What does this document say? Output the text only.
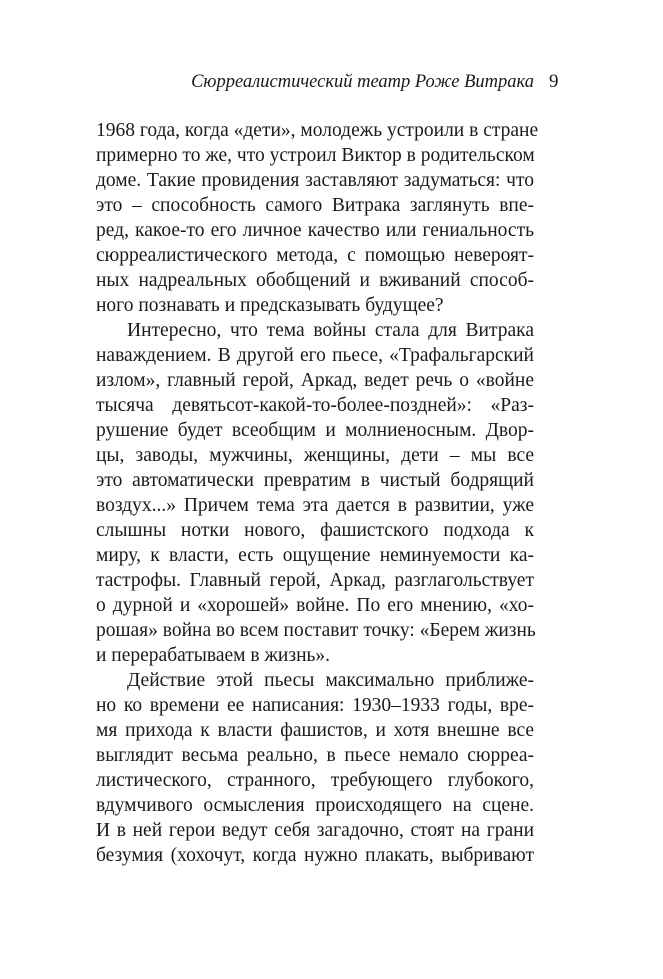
Сюрреалистический театр Роже Витрака 9
1968 года, когда «дети», молодежь устроили в стране
примерно то же, что устроил Виктор в родительском
доме. Такие провидения заставляют задуматься: что
это – способность самого Витрака заглянуть впе-
ред, какое-то его личное качество или гениальность
сюрреалистического метода, с помощью невероят-
ных надреальных обобщений и вживаний способ-
ного познавать и предсказывать будущее?
Интересно, что тема войны стала для Витрака
наваждением. В другой его пьесе, «Трафальгарский
излом», главный герой, Аркад, ведет речь о «войне
тысяча девятьсот-какой-то-более-поздней»: «Раз-
рушение будет всеобщим и молниеносным. Двор-
цы, заводы, мужчины, женщины, дети – мы все
это автоматически превратим в чистый бодрящий
воздух...» Причем тема эта дается в развитии, уже
слышны нотки нового, фашистского подхода к
миру, к власти, есть ощущение неминуемости ка-
тастрофы. Главный герой, Аркад, разглагольствует
о дурной и «хорошей» войне. По его мнению, «хо-
рошая» война во всем поставит точку: «Берем жизнь
и перерабатываем в жизнь».
Действие этой пьесы максимально приближе-
но ко времени ее написания: 1930–1933 годы, вре-
мя прихода к власти фашистов, и хотя внешне все
выглядит весьма реально, в пьесе немало сюрреа-
листического, странного, требующего глубокого,
вдумчивого осмысления происходящего на сцене.
И в ней герои ведут себя загадочно, стоят на грани
безумия (хохочут, когда нужно плакать, выбривают
